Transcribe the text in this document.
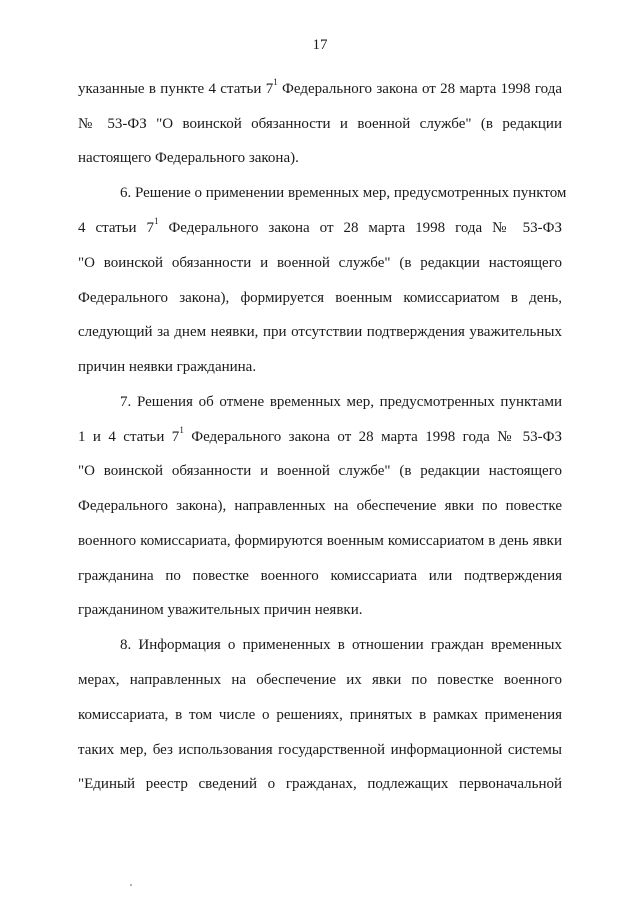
17
указанные в пункте 4 статьи $7^1$ Федерального закона от 28 марта 1998 года
№ 53-ФЗ "О воинской обязанности и военной службе" (в редакции
настоящего Федерального закона).
6. Решение о применении временных мер, предусмотренных пунктом
4 статьи $7^1$ Федерального закона от 28 марта 1998 года № 53-ФЗ
"О воинской обязанности и военной службе" (в редакции настоящего
Федерального закона), формируется военным комиссариатом в день,
следующий за днем неявки, при отсутствии подтверждения уважительных
причин неявки гражданина.
7. Решения об отмене временных мер, предусмотренных пунктами
1 и 4 статьи $7^1$ Федерального закона от 28 марта 1998 года № 53-ФЗ
"О воинской обязанности и военной службе" (в редакции настоящего
Федерального закона), направленных на обеспечение явки по повестке
военного комиссариата, формируются военным комиссариатом в день явки
гражданина по повестке военного комиссариата или подтверждения
гражданином уважительных причин неявки.
8. Информация о примененных в отношении граждан временных
мерах, направленных на обеспечение их явки по повестке военного
комиссариата, в том числе о решениях, принятых в рамках применения
таких мер, без использования государственной информационной системы
"Единый реестр сведений о гражданах, подлежащих первоначальной
